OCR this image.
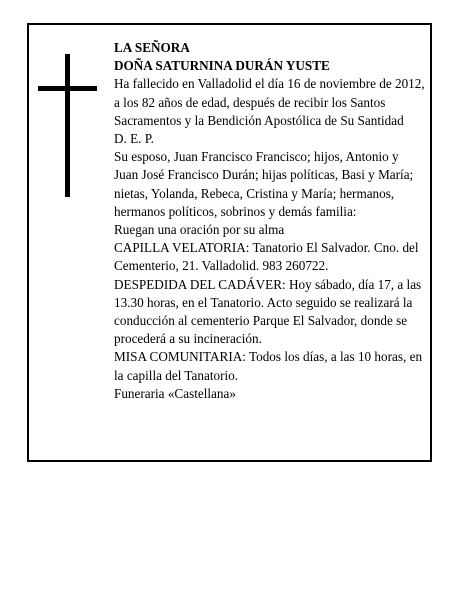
LA SEÑORA

DOÑA SATURNINA DURÁN YUSTE

Ha fallecido en Valladolid el día 16 de noviembre de 2012, a los 82 años de edad, después de recibir los Santos Sacramentos y la Bendición Apostólica de Su Santidad

D. E. P.

Su esposo, Juan Francisco Francisco; hijos, Antonio y Juan José Francisco Durán; hijas políticas, Basi y María; nietas, Yolanda, Rebeca, Cristina y María; hermanos, hermanos políticos, sobrinos y demás familia:

Ruegan una oración por su alma

CAPILLA VELATORIA: Tanatorio El Salvador. Cno. del Cementerio, 21. Valladolid. 983 260722.

DESPEDIDA DEL CADÁVER: Hoy sábado, día 17, a las 13.30 horas, en el Tanatorio. Acto seguido se realizará la conducción al cementerio Parque El Salvador, donde se procederá a su incineración.

MISA COMUNITARIA: Todos los días, a las 10 horas, en la capilla del Tanatorio.

Funeraria «Castellana»
